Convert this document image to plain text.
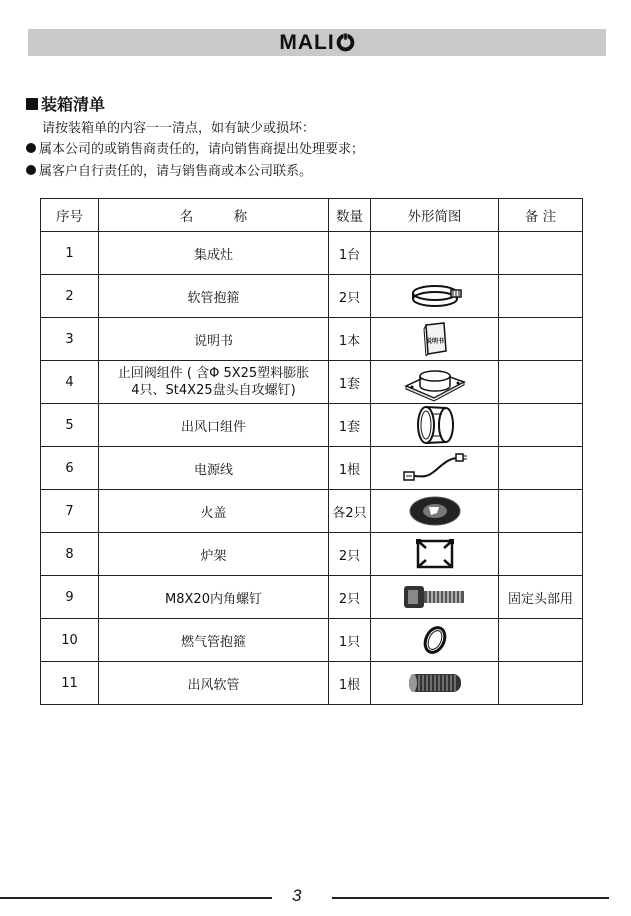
MALI
装箱清单
请按装箱单的内容一一清点，如有缺少或损坏：
属本公司的或销售商责任的，请向销售商提出处理要求；
属客户自行责任的，请与销售商或本公司联系。
序号	名　　　称	数量	外形简图	备 注
1	集成灶	1台		
2	软管抱箍	2只	

3	说明书	1本	说明书	

4	止回阀组件 ( 含Φ 5X25塑料膨胀
4只、St4X25盘头自攻螺钉)	1套	

5	出风口组件	1套	

6	电源线	1根	

7	火盖	各2只	

8	炉架	2只	

9	M8X20内角螺钉	2只		固定头部用
10	燃气管抱箍	1只	

11	出风软管	1根	

3
